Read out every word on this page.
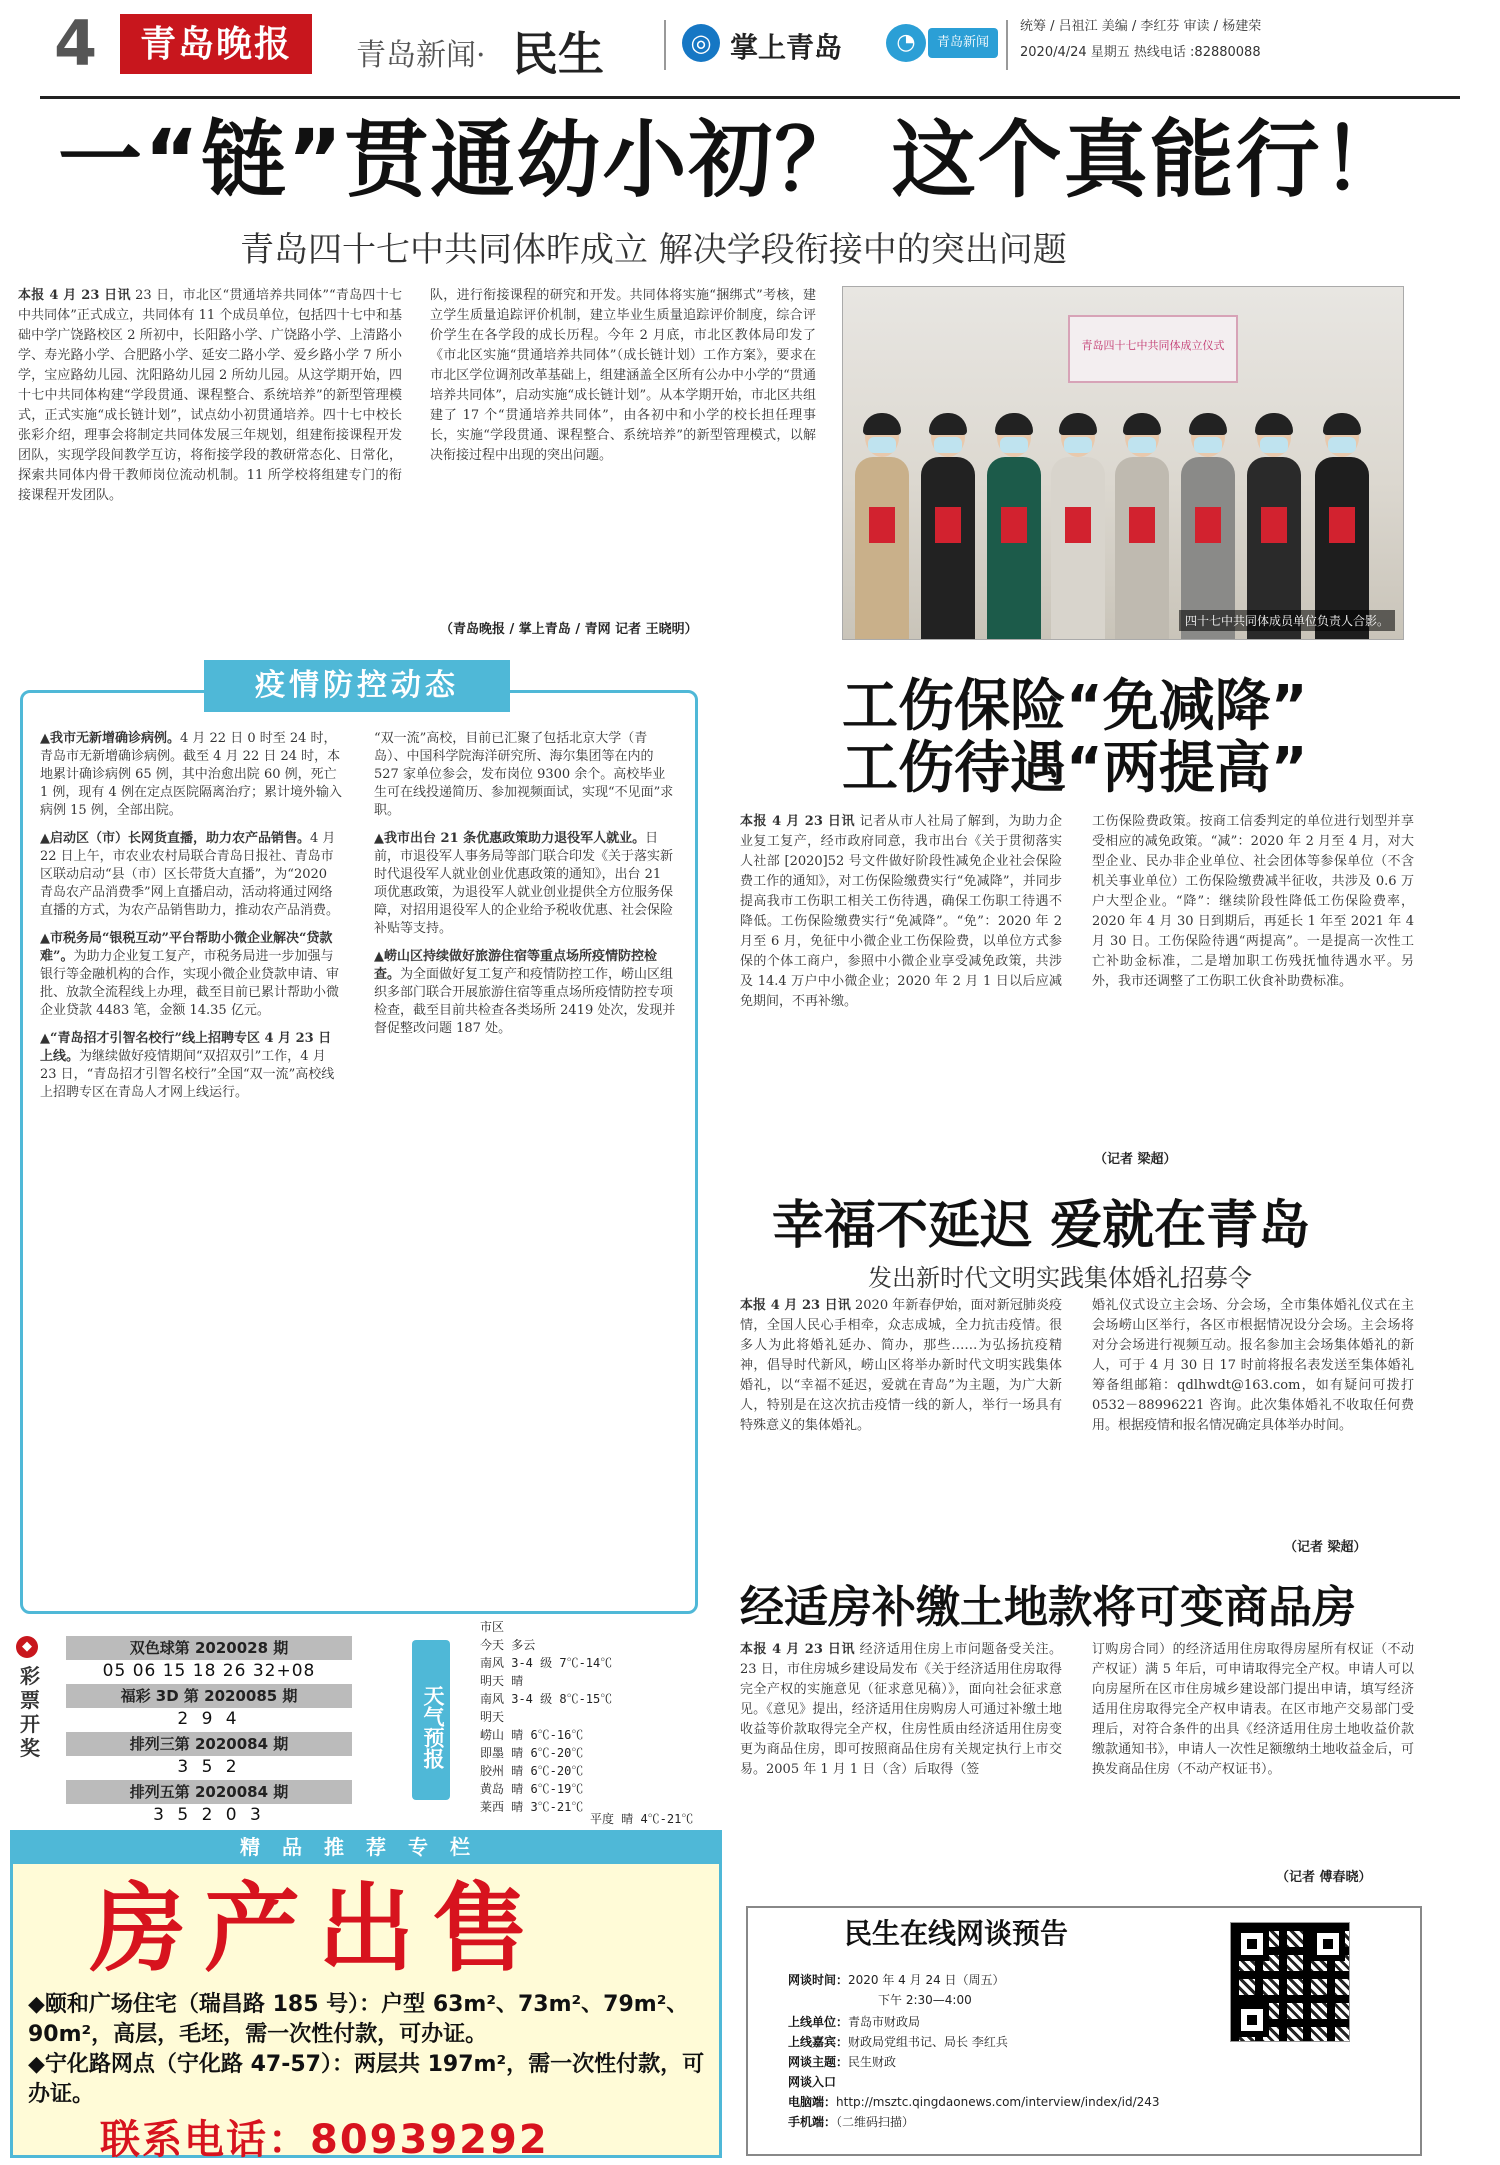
4	青岛晚报	青岛新闻· 民生	◎ 掌上青岛	◔	青岛新闻
统筹 / 吕祖江 美编 / 李红芬 审读 / 杨建荣
2020/4/24 星期五 热线电话 :82880088
一“链”贯通幼小初？ 这个真能行！
青岛四十七中共同体昨成立 解决学段衔接中的突出问题
本报 4 月 23 日讯 23 日，市北区“贯通培养共同体”“青岛四十七中共同体”正式成立，共同体有 11 个成员单位，包括四十七中和基础中学广饶路校区 2 所初中，长阳路小学、广饶路小学、上清路小学、寿光路小学、合肥路小学、延安二路小学、爱乡路小学 7 所小学，宝应路幼儿园、沈阳路幼儿园 2 所幼儿园。从这学期开始，四十七中共同体构建“学段贯通、课程整合、系统培养”的新型管理模式，正式实施“成长链计划”，试点幼小初贯通培养。四十七中校长张彩介绍，理事会将制定共同体发展三年规划，组建衔接课程开发团队，实现学段间教学互访，将衔接学段的教研常态化、日常化，探索共同体内骨干教师岗位流动机制。11 所学校将组建专门的衔接课程开发团队。
队，进行衔接课程的研究和开发。共同体将实施“捆绑式”考核，建立学生质量追踪评价机制，建立毕业生质量追踪评价制度，综合评价学生在各学段的成长历程。今年 2 月底，市北区教体局印发了《市北区实施“贯通培养共同体”（成长链计划）工作方案》，要求在市北区学位调剂改革基础上，组建涵盖全区所有公办中小学的“贯通培养共同体”，启动实施“成长链计划”。从本学期开始，市北区共组建了 17 个“贯通培养共同体”，由各初中和小学的校长担任理事长，实施“学段贯通、课程整合、系统培养”的新型管理模式，以解决衔接过程中出现的突出问题。
（青岛晚报 / 掌上青岛 / 青网 记者 王晓明）
青岛四十七中共同体成立仪式
四十七中共同体成员单位负责人合影。
疫情防控动态

▲我市无新增确诊病例。4 月 22 日 0 时至 24 时，青岛市无新增确诊病例。截至 4 月 22 日 24 时，本地累计确诊病例 65 例，其中治愈出院 60 例，死亡 1 例，现有 4 例在定点医院隔离治疗；累计境外输入病例 15 例，全部出院。

▲启动区（市）长网货直播，助力农产品销售。4 月 22 日上午，市农业农村局联合青岛日报社、青岛市区联动启动“县（市）区长带货大直播”，为“2020 青岛农产品消费季”网上直播启动，活动将通过网络直播的方式，为农产品销售助力，推动农产品消费。

▲市税务局“银税互动”平台帮助小微企业解决“贷款难”。为助力企业复工复产，市税务局进一步加强与银行等金融机构的合作，实现小微企业贷款申请、审批、放款全流程线上办理，截至目前已累计帮助小微企业贷款 4483 笔，金额 14.35 亿元。

▲“青岛招才引智名校行”线上招聘专区 4 月 23 日上线。为继续做好疫情期间“双招双引”工作，4 月 23 日，“青岛招才引智名校行”全国“双一流”高校线上招聘专区在青岛人才网上线运行。

“双一流”高校，目前已汇聚了包括北京大学（青岛）、中国科学院海洋研究所、海尔集团等在内的 527 家单位参会，发布岗位 9300 余个。高校毕业生可在线投递简历、参加视频面试，实现“不见面”求职。

▲我市出台 21 条优惠政策助力退役军人就业。日前，市退役军人事务局等部门联合印发《关于落实新时代退役军人就业创业优惠政策的通知》，出台 21 项优惠政策，为退役军人就业创业提供全方位服务保障，对招用退役军人的企业给予税收优惠、社会保险补贴等支持。

▲崂山区持续做好旅游住宿等重点场所疫情防控检查。为全面做好复工复产和疫情防控工作，崂山区组织多部门联合开展旅游住宿等重点场所疫情防控专项检查，截至目前共检查各类场所 2419 处次，发现并督促整改问题 187 处。

工伤保险“免减降”
工伤待遇“两提高”
本报 4 月 23 日讯 记者从市人社局了解到，为助力企业复工复产，经市政府同意，我市出台《关于贯彻落实人社部 [2020]52 号文件做好阶段性减免企业社会保险费工作的通知》，对工伤保险缴费实行“免减降”，并同步提高我市工伤职工相关工伤待遇，确保工伤职工待遇不降低。工伤保险缴费实行“免减降”。“免”：2020 年 2 月至 6 月，免征中小微企业工伤保险费，以单位方式参保的个体工商户，参照中小微企业享受减免政策，共涉及 14.4 万户中小微企业；2020 年 2 月 1 日以后应减免期间，不再补缴。
工伤保险费政策。按商工信委判定的单位进行划型并享受相应的减免政策。“减”：2020 年 2 月至 4 月，对大型企业、民办非企业单位、社会团体等参保单位（不含机关事业单位）工伤保险缴费减半征收，共涉及 0.6 万户大型企业。“降”：继续阶段性降低工伤保险费率，2020 年 4 月 30 日到期后，再延长 1 年至 2021 年 4 月 30 日。工伤保险待遇“两提高”。一是提高一次性工亡补助金标准，二是增加职工伤残抚恤待遇水平。另外，我市还调整了工伤职工伙食补助费标准。
（记者 梁超）
幸福不延迟 爱就在青岛
发出新时代文明实践集体婚礼招募令
本报 4 月 23 日讯 2020 年新春伊始，面对新冠肺炎疫情，全国人民心手相牵，众志成城，全力抗击疫情。很多人为此将婚礼延办、简办，那些……为弘扬抗疫精神，倡导时代新风，崂山区将举办新时代文明实践集体婚礼，以“幸福不延迟，爱就在青岛”为主题，为广大新人，特别是在这次抗击疫情一线的新人，举行一场具有特殊意义的集体婚礼。
婚礼仪式设立主会场、分会场，全市集体婚礼仪式在主会场崂山区举行，各区市根据情况设分会场。主会场将对分会场进行视频互动。报名参加主会场集体婚礼的新人，可于 4 月 30 日 17 时前将报名表发送至集体婚礼筹备组邮箱：qdlhwdt@163.com，如有疑问可拨打 0532－88996221 咨询。此次集体婚礼不收取任何费用。根据疫情和报名情况确定具体举办时间。
（记者 梁超）
经适房补缴土地款将可变商品房
本报 4 月 23 日讯 经济适用住房上市问题备受关注。23 日，市住房城乡建设局发布《关于经济适用住房取得完全产权的实施意见（征求意见稿）》，面向社会征求意见。《意见》提出，经济适用住房购房人可通过补缴土地收益等价款取得完全产权，住房性质由经济适用住房变更为商品住房，即可按照商品住房有关规定执行上市交易。2005 年 1 月 1 日（含）后取得（签
订购房合同）的经济适用住房取得房屋所有权证（不动产权证）满 5 年后，可申请取得完全产权。申请人可以向房屋所在区市住房城乡建设部门提出申请，填写经济适用住房取得完全产权申请表。在区市地产交易部门受理后，对符合条件的出具《经济适用住房土地收益价款缴款通知书》，申请人一次性足额缴纳土地收益金后，可换发商品住房（不动产权证书）。
（记者 傅春晓）
◆
彩票开奖
双色球第 2020028 期
05 06 15 18 26 32+08
福彩 3D 第 2020085 期
2 9 4
排列三第 2020084 期
3 5 2
排列五第 2020084 期
3 5 2 0 3
天气预报
市区
今天 多云
南风 3-4 级 7℃-14℃
明天 晴
南风 3-4 级 8℃-15℃
明天
崂山 晴 6℃-16℃
即墨 晴 6℃-20℃
胶州 晴 6℃-20℃
黄岛 晴 6℃-19℃
莱西 晴 3℃-21℃
平度 晴 4℃-21℃
精品推荐专栏
房产出售
◆颐和广场住宅（瑞昌路 185 号）：户型 63m²、73m²、79m²、90m²，高层，毛坯，需一次性付款，可办证。
◆宁化路网点（宁化路 47-57）：两层共 197m²，需一次性付款，可办证。
联系电话：80939292
民生在线网谈预告
网谈时间：2020 年 4 月 24 日（周五）
下午 2:30—4:00
上线单位：青岛市财政局
上线嘉宾：财政局党组书记、局长 李红兵
网谈主题：民生财政
网谈入口
电脑端：http://msztc.qingdaonews.com/interview/index/id/243
手机端：（二维码扫描）
